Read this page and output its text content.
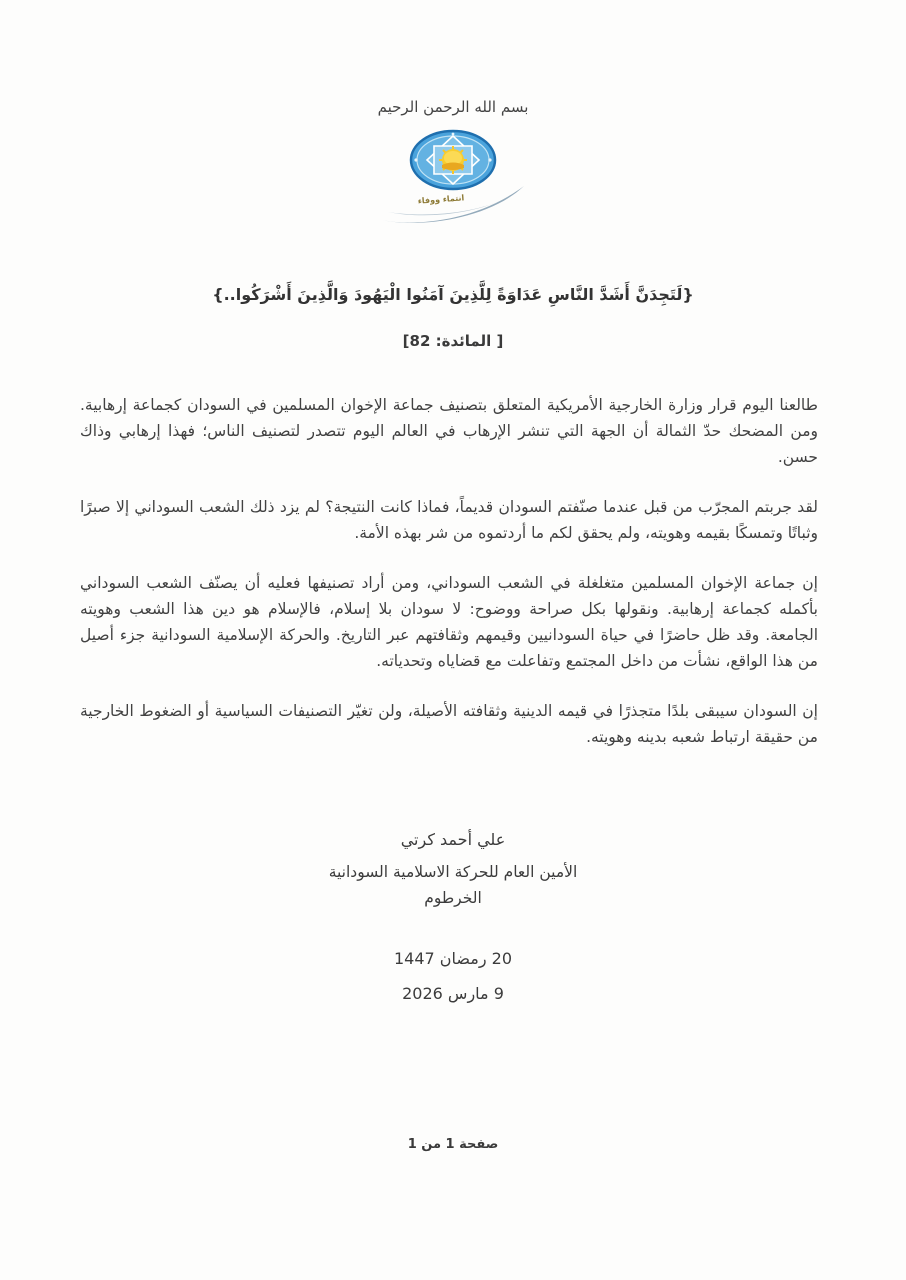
بسم الله الرحمن الرحيم
انتماء ووفاء
{لَتَجِدَنَّ أَشَدَّ النَّاسِ عَدَاوَةً لِلَّذِينَ آمَنُوا الْيَهُودَ وَالَّذِينَ أَشْرَكُوا..}
[ المائدة: 82]

طالعنا اليوم قرار وزارة الخارجية الأمريكية المتعلق بتصنيف جماعة الإخوان المسلمين في السودان كجماعة إرهابية. ومن المضحك حدّ الثمالة أن الجهة التي تنشر الإرهاب في العالم اليوم تتصدر لتصنيف الناس؛ فهذا إرهابي وذاك حسن.

لقد جربتم المجرّب من قبل عندما صنّفتم السودان قديماً، فماذا كانت النتيجة؟ لم يزد ذلك الشعب السوداني إلا صبرًا وثباتًا وتمسكًا بقيمه وهويته، ولم يحقق لكم ما أردتموه من شر بهذه الأمة.

إن جماعة الإخوان المسلمين متغلغلة في الشعب السوداني، ومن أراد تصنيفها فعليه أن يصنّف الشعب السوداني بأكمله كجماعة إرهابية. ونقولها بكل صراحة ووضوح: لا سودان بلا إسلام، فالإسلام هو دين هذا الشعب وهويته الجامعة. وقد ظل حاضرًا في حياة السودانيين وقيمهم وثقافتهم عبر التاريخ. والحركة الإسلامية السودانية جزء أصيل من هذا الواقع، نشأت من داخل المجتمع وتفاعلت مع قضاياه وتحدياته.

إن السودان سيبقى بلدًا متجذرًا في قيمه الدينية وثقافته الأصيلة، ولن تغيّر التصنيفات السياسية أو الضغوط الخارجية من حقيقة ارتباط شعبه بدينه وهويته.

علي أحمد كرتي
الأمين العام للحركة الاسلامية السودانية
الخرطوم
20 رمضان 1447
9 مارس 2026
صفحة 1 من 1
